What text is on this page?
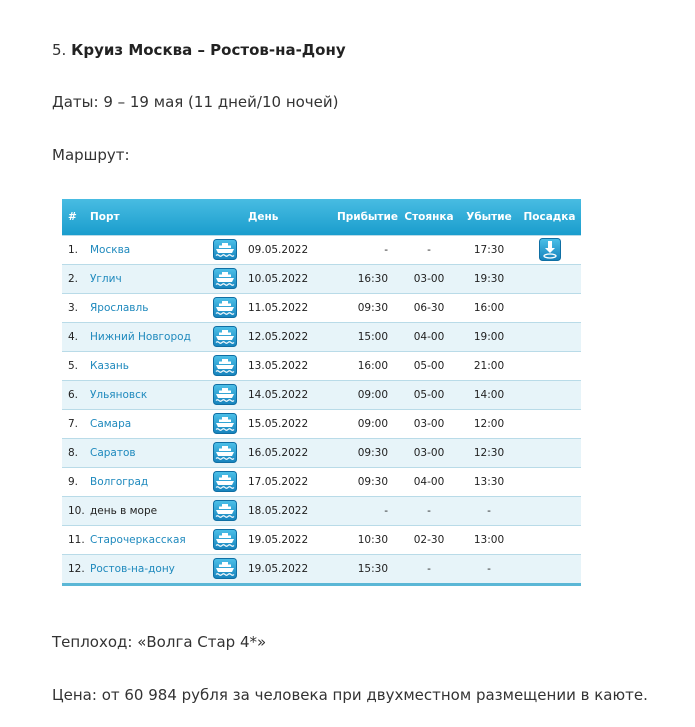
5. Круиз Москва – Ростов-на-Дону

Даты: 9 – 19 мая (11 дней/10 ночей)

Маршрут:

#	Порт		День	Прибытие	Стоянка	Убытие	Посадка
1.	Москва		09.05.2022	-	-	17:30	
2.	Углич		10.05.2022	16:30	03-00	19:30	
3.	Ярославль		11.05.2022	09:30	06-30	16:00	
4.	Нижний Новгород		12.05.2022	15:00	04-00	19:00	
5.	Казань		13.05.2022	16:00	05-00	21:00	
6.	Ульяновск		14.05.2022	09:00	05-00	14:00	
7.	Самара		15.05.2022	09:00	03-00	12:00	
8.	Саратов		16.05.2022	09:30	03-00	12:30	
9.	Волгоград		17.05.2022	09:30	04-00	13:30	
10.	день в море		18.05.2022	-	-	-	
11.	Старочеркасская		19.05.2022	10:30	02-30	13:00	
12.	Ростов-на-дону		19.05.2022	15:30	-	-	

Теплоход: «Волга Стар 4*»

Цена: от 60 984 рубля за человека при двухместном размещении в каюте.
